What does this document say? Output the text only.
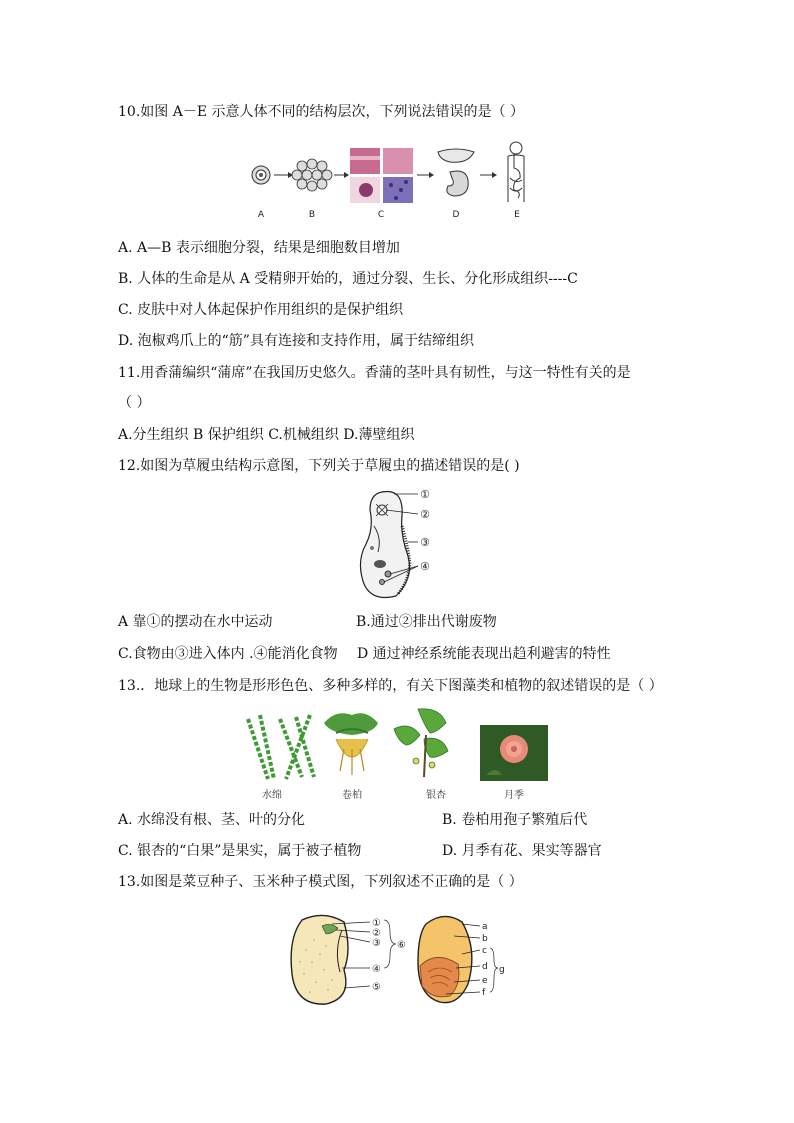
10.如图 A－E 示意人体不同的结构层次，下列说法错误的是（ ）
A	B	C	D	E
A. A—B 表示细胞分裂，结果是细胞数目增加
B. 人体的生命是从 A 受精卵开始的，通过分裂、生长、分化形成组织----C
C. 皮肤中对人体起保护作用组织的是保护组织
D. 泡椒鸡爪上的“筋”具有连接和支持作用，属于结缔组织
11.用香蒲编织“蒲席”在我国历史悠久。香蒲的茎叶具有韧性，与这一特性有关的是
（ ）
A.分生组织 B 保护组织 C.机械组织 D.薄壁组织
12.如图为草履虫结构示意图，下列关于草履虫的描述错误的是( )
①
②
③
④
A 靠①的摆动在水中运动	B.通过②排出代谢废物
C.食物由③进入体内 .④能消化食物 D 通过神经系统能表现出趋利避害的特性
13.．地球上的生物是形形色色、多种多样的，有关下图藻类和植物的叙述错误的是（ ）
水绵	卷柏	银杏	月季
A. 水绵没有根、茎、叶的分化	B. 卷柏用孢子繁殖后代
C. 银杏的“白果”是果实，属于被子植物	D. 月季有花、果实等器官
13.如图是菜豆种子、玉米种子模式图，下列叙述不正确的是（ ）
①
②
③
④
⑤
⑥
a
b
c
d
e
f
g
